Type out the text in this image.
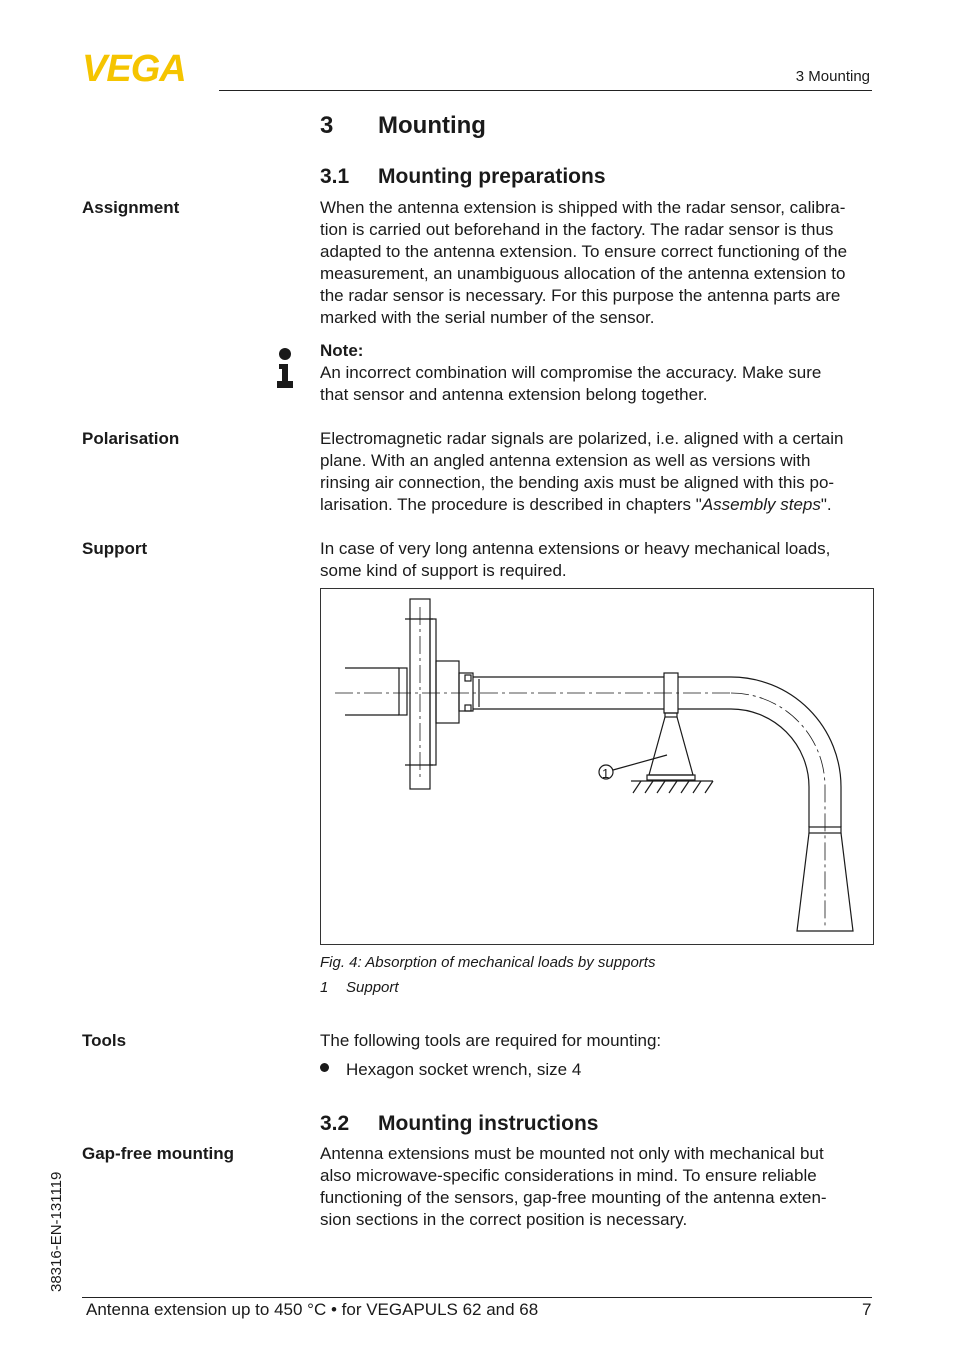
VEGA	3 Mounting
3 Mounting
3.1 Mounting preparations
Assignment	When the antenna extension is shipped with the radar sensor, calibra-

tion is carried out beforehand in the factory. The radar sensor is thus

adapted to the antenna extension. To ensure correct functioning of the

measurement, an unambiguous allocation of the antenna extension to

the radar sensor is necessary. For this purpose the antenna parts are

marked with the serial number of the sensor.

Note:

An incorrect combination will compromise the accuracy. Make sure

that sensor and antenna extension belong together.

Polarisation	Electromagnetic radar signals are polarized, i.e. aligned with a certain

plane. With an angled antenna extension as well as versions with

rinsing air connection, the bending axis must be aligned with this po-

larisation. The procedure is described in chapters "Assembly steps".

Support	In case of very long antenna extensions or heavy mechanical loads,

some kind of support is required.

1
Fig. 4: Absorption of mechanical loads by supports
1 Support
Tools	The following tools are required for mounting:
Hexagon socket wrench, size 4
3.2 Mounting instructions
Gap-free mounting	Antenna extensions must be mounted not only with mechanical but

also microwave-specific considerations in mind. To ensure reliable

functioning of the sensors, gap-free mounting of the antenna exten-

sion sections in the correct position is necessary.

38316-EN-131119
Antenna extension up to 450 °C • for VEGAPULS 62 and 68	7
